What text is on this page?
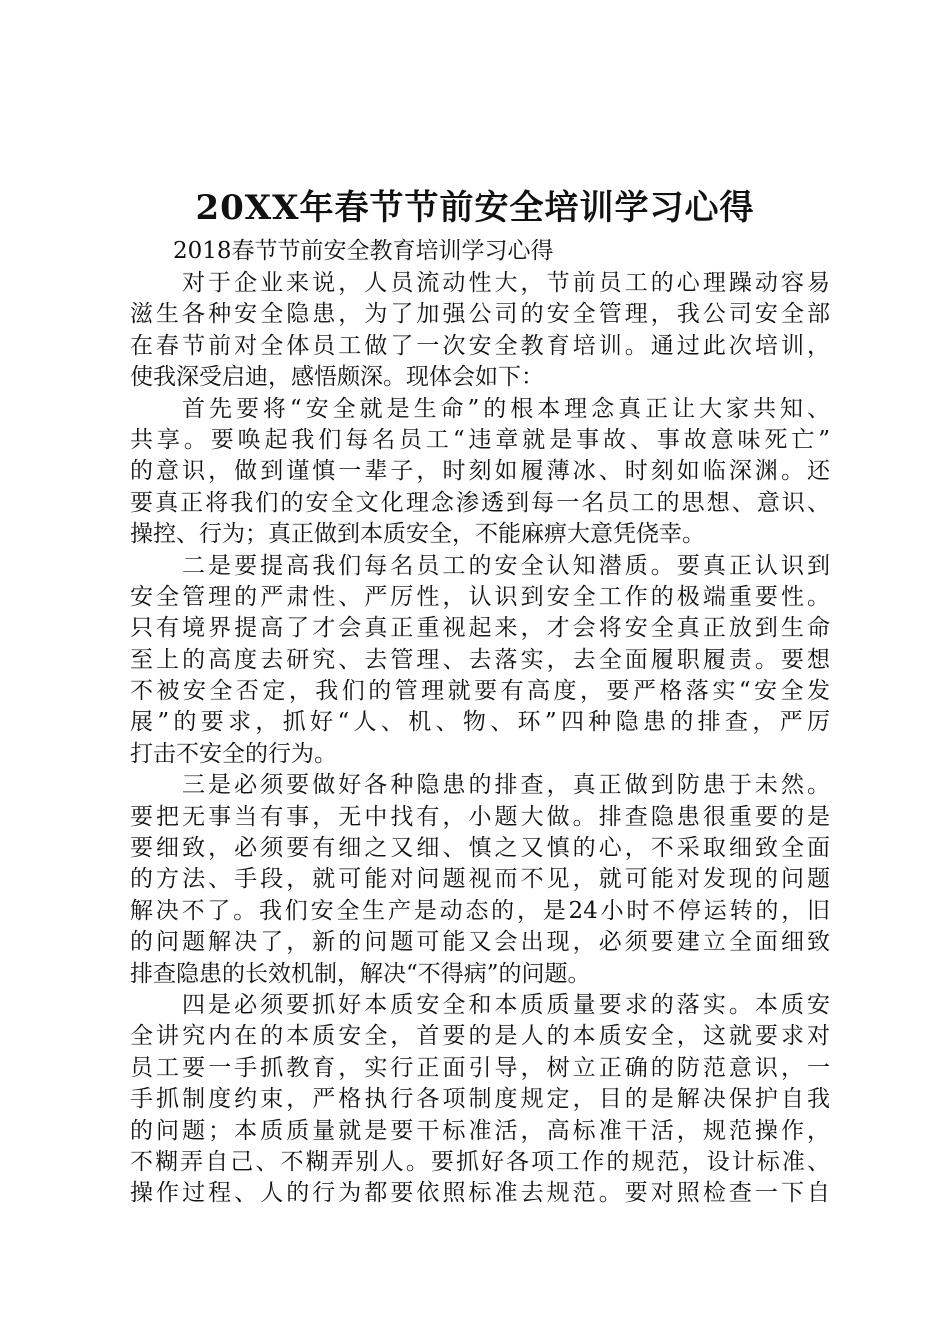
20XX年春节节前安全培训学习心得
2018春节节前安全教育培训学习心得
对于企业来说，人员流动性大，节前员工的心理躁动容易
滋生各种安全隐患，为了加强公司的安全管理，我公司安全部
在春节前对全体员工做了一次安全教育培训。通过此次培训，
使我深受启迪，感悟颇深。现体会如下：
首先要将“安全就是生命”的根本理念真正让大家共知、
共享。要唤起我们每名员工“违章就是事故、事故意味死亡”
的意识，做到谨慎一辈子，时刻如履薄冰、时刻如临深渊。还
要真正将我们的安全文化理念渗透到每一名员工的思想、意识、
操控、行为；真正做到本质安全，不能麻痹大意凭侥幸。
二是要提高我们每名员工的安全认知潜质。要真正认识到
安全管理的严肃性、严厉性，认识到安全工作的极端重要性。
只有境界提高了才会真正重视起来，才会将安全真正放到生命
至上的高度去研究、去管理、去落实，去全面履职履责。要想
不被安全否定，我们的管理就要有高度，要严格落实“安全发
展”的要求，抓好“人、机、物、环”四种隐患的排查，严厉
打击不安全的行为。
三是必须要做好各种隐患的排查，真正做到防患于未然。
要把无事当有事，无中找有，小题大做。排查隐患很重要的是
要细致，必须要有细之又细、慎之又慎的心，不采取细致全面
的方法、手段，就可能对问题视而不见，就可能对发现的问题
解决不了。我们安全生产是动态的，是24小时不停运转的，旧
的问题解决了，新的问题可能又会出现，必须要建立全面细致
排查隐患的长效机制，解决“不得病”的问题。
四是必须要抓好本质安全和本质质量要求的落实。本质安
全讲究内在的本质安全，首要的是人的本质安全，这就要求对
员工要一手抓教育，实行正面引导，树立正确的防范意识，一
手抓制度约束，严格执行各项制度规定，目的是解决保护自我
的问题；本质质量就是要干标准活，高标准干活，规范操作，
不糊弄自己、不糊弄别人。要抓好各项工作的规范，设计标准、
操作过程、人的行为都要依照标准去规范。要对照检查一下自
